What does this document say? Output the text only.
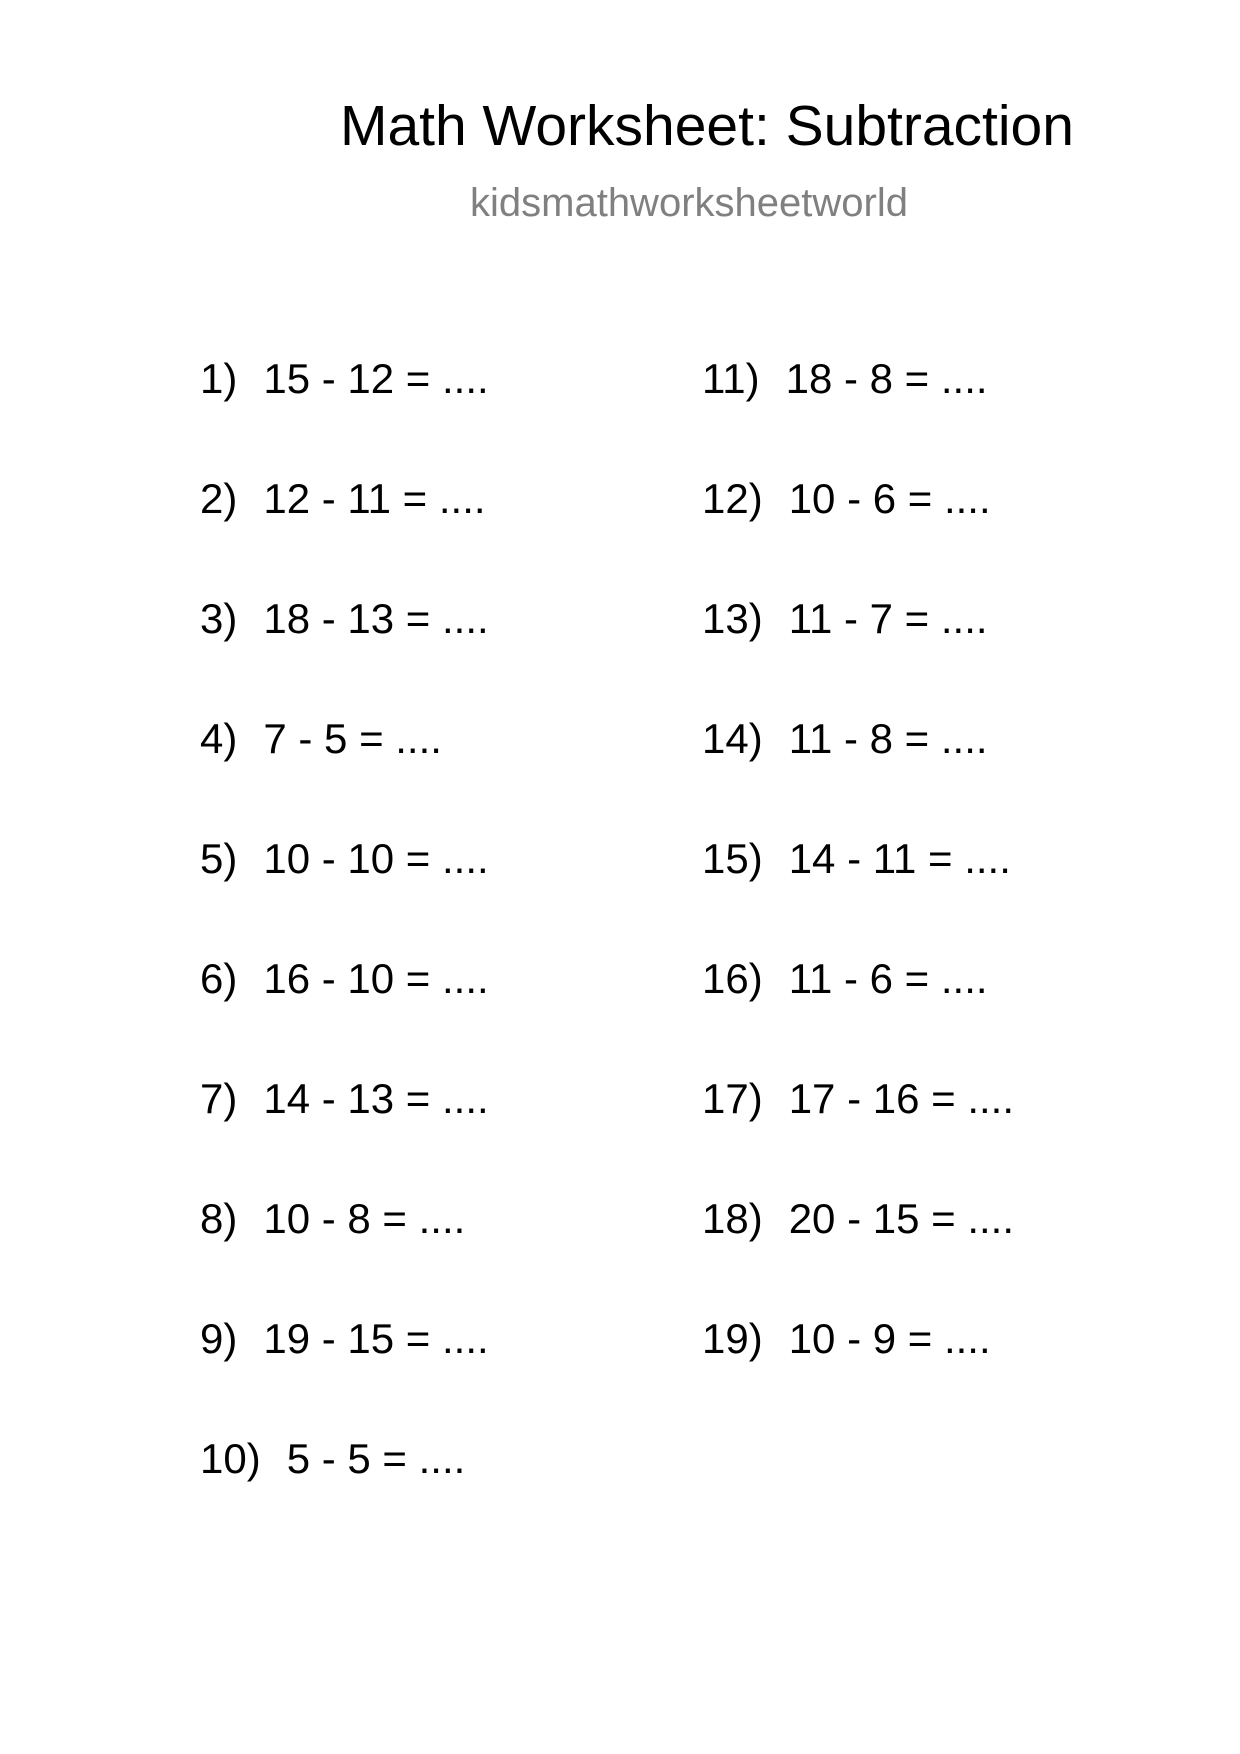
Math Worksheet: Subtraction
kidsmathworksheetworld
1) 15 - 12 = ....
2) 12 - 11 = ....
3) 18 - 13 = ....
4) 7 - 5 = ....
5) 10 - 10 = ....
6) 16 - 10 = ....
7) 14 - 13 = ....
8) 10 - 8 = ....
9) 19 - 15 = ....
10) 5 - 5 = ....
11) 18 - 8 = ....
12) 10 - 6 = ....
13) 11 - 7 = ....
14) 11 - 8 = ....
15) 14 - 11 = ....
16) 11 - 6 = ....
17) 17 - 16 = ....
18) 20 - 15 = ....
19) 10 - 9 = ....
